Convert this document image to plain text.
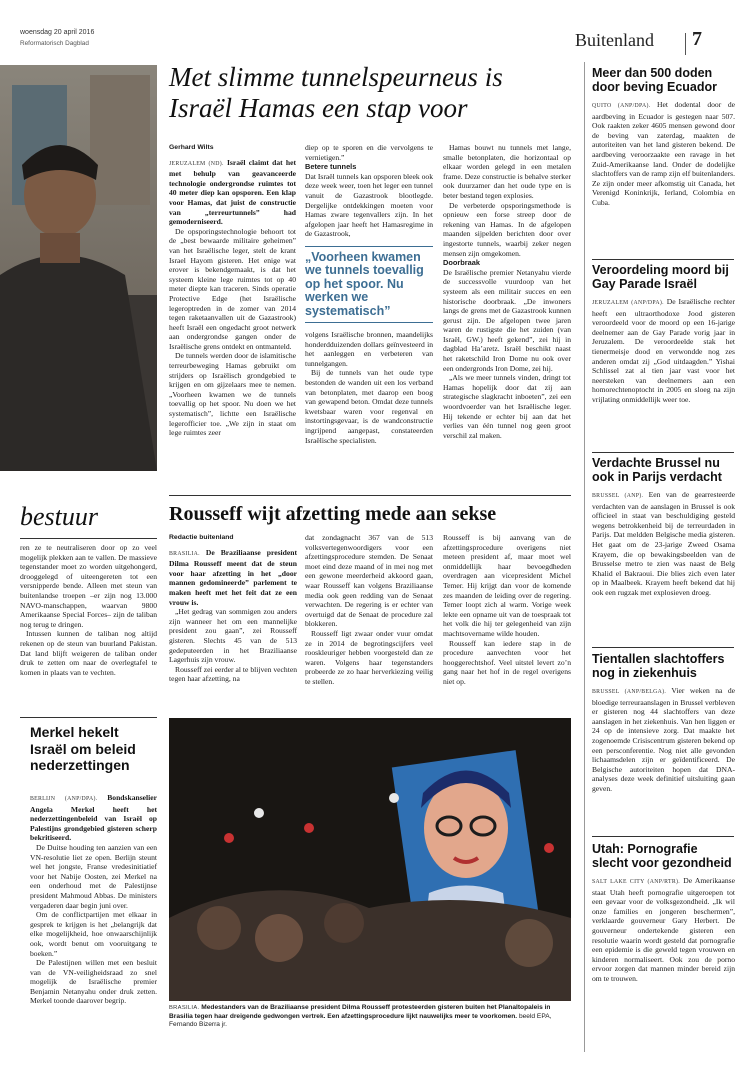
woensdag 20 april 2016
Reformatorisch Dagblad	Buitenland 7
Met slimme tunnelspeurneus is Israël Hamas een stap voor
Gerhard Wilts

JERUZALEM (ND). Israël claimt dat het met behulp van geavanceerde technologie ondergrondse ruimtes tot 40 meter diep kan opsporen. Een klap voor Hamas, dat juist de constructie van „terreurtunnels” had gemoderniseerd.

De opsporingstechnologie behoort tot de „best bewaarde militaire geheimen” van het Israëlische leger, stelt de krant Israel Hayom gisteren. Het enige wat erover is bekendgemaakt, is dat het systeem kleine lege ruimtes tot op 40 meter diepte kan traceren. Sinds operatie Protective Edge (het Israëlische legeroptreden in de zomer van 2014 tegen raketaanvallen uit de Gazastrook) heeft Israël een ongedacht groot netwerk aan ondergrondse gangen onder de Israëlische grens ontdekt en ontmanteld.

De tunnels werden door de islamitische terreurbeweging Hamas gebruikt om strijders op Israëlisch grondgebied te krijgen en om gijzelaars mee te nemen. „Voorheen kwamen we de tunnels toevallig op het spoor. Nu doen we het systematisch”, lichtte een Israëlische legerofficier toe. „We zijn in staat om lege ruimtes zeer

diep op te sporen en die vervolgens te vernietigen.”

Betere tunnels

Dat Israël tunnels kan opsporen bleek ook deze week weer, toen het leger een tunnel vanuit de Gazastrook blootlegde. Dergelijke ontdekkingen moeten voor Hamas zware tegenvallers zijn. In het afgelopen jaar heeft het Hamasregime in de Gazastrook,

„Voorheen kwamen we tunnels toevallig op het spoor. Nu werken we systematisch”

volgens Israëlische bronnen, maandelijks honderdduizenden dollars geïnvesteerd in het aanleggen en verbeteren van tunnelgangen.

Bij de tunnels van het oude type bestonden de wanden uit een los verband van betonplaten, met daarop een boog van gewapend beton. Omdat deze tunnels kwetsbaar waren voor regenval en instortingsgevaar, is de wandconstructie ingrijpend aangepast, constateerden Israëlische specialisten.

Hamas bouwt nu tunnels met lange, smalle betonplaten, die horizontaal op elkaar worden gelegd in een metalen frame. Deze constructie is behalve sterker ook duurzamer dan het oude type en is beter bestand tegen explosies.

De verbeterde opsporingsmethode is opnieuw een forse streep door de rekening van Hamas. In de afgelopen maanden sijpelden berichten door over ingestorte tunnels, waarbij zeker negen mensen zijn omgekomen.

Doorbraak

De Israëlische premier Netanyahu vierde de successvolle vuurdoop van het systeem als een militair succes en een historische doorbraak. „De inwoners langs de grens met de Gazastrook kunnen gerust zijn. De afgelopen twee jaren waren de rustigste die het zuiden (van Israël, GW.) heeft gekend”, zei hij in dagblad Ha’aretz. Israël beschikt naast het raketschild Iron Dome nu ook over een ondergronds Iron Dome, zei hij.

„Als we meer tunnels vinden, dringt tot Hamas hopelijk door dat zij aan strategische slagkracht inboeten”, zei een woordvoerder van het Israëlische leger. Hij tekende er echter bij aan dat het verlies van één tunnel nog geen groot verschil zal maken.

bestuur

ren ze te neutraliseren door op zo veel mogelijk plekken aan te vallen. De massieve tegenstander moet zo worden uitgehongerd, drooggelegd of uiteengereten tot een versnipperde bende. Alleen met steun van buitenlandse troepen –er zijn nog 13.000 NAVO-manschappen, waarvan 9800 Amerikaanse Special Forces– zijn de taliban nog terug te dringen.

Intussen kunnen de taliban nog altijd rekenen op de steun van buurland Pakistan. Dat land blijft weigeren de taliban onder druk te zetten om naar de overlegtafel te komen in plaats van te vechten.

Merkel hekelt Israël om beleid nederzettingen

BERLIJN (ANP/DPA). Bondskanselier Angela Merkel heeft het nederzettingenbeleid van Israël op Palestijns grondgebied gisteren scherp bekritiseerd.

De Duitse houding ten aanzien van een VN-resolutie liet ze open. Berlijn steunt wel het jongste, Franse vredesinitiatief voor het Nabije Oosten, zei Merkel na een onderhoud met de Palestijnse president Mahmoud Abbas. De ministers vergaderen daar begin juni over.

Om de conflictpartijen met elkaar in gesprek te krijgen is het „belangrijk dat elke mogelijkheid, hoe onwaarschijnlijk ook, wordt benut om vooruitgang te boeken.”

De Palestijnen willen met een besluit van de VN-veiligheidsraad zo snel mogelijk de Israëlische premier Benjamin Netanyahu onder druk zetten. Merkel toonde daarover begrip.

Rousseff wijt afzetting mede aan sekse
Redactie buitenland

BRASILIA. De Braziliaanse president Dilma Rousseff meent dat de steun voor haar afzetting in het „door mannen gedomineerde” parlement te maken heeft met het feit dat ze een vrouw is.

„Het gedrag van sommigen zou anders zijn wanneer het om een mannelijke president zou gaan”, zei Rousseff gisteren. Slechts 45 van de 513 gedeputeerden in het Braziliaanse Lagerhuis zijn vrouw.

Rousseff zei eerder al te blijven vechten tegen haar afzetting, na

dat zondagnacht 367 van de 513 volksvertegenwoordigers voor een afzettingsprocedure stemden. De Senaat moet eind deze maand of in mei nog met een gewone meerderheid akkoord gaan, waar Rousseff kan volgens Braziliaanse media ook geen redding van de Senaat verwachten. De regering is er echter van overtuigd dat de Senaat de procedure zal blokkeren.

Rousseff ligt zwaar onder vuur omdat ze in 2014 de begrotingscijfers veel rooskleuriger hebben voorgesteld dan ze waren. Volgens haar tegenstanders probeerde ze zo haar herverkiezing veilig te stellen.

Rousseff is bij aanvang van de afzettingsprocedure overigens niet meteen president af, maar moet wel onmiddellijk haar bevoegdheden overdragen aan vicepresident Michel Temer. Hij krijgt dan voor de komende zes maanden de leiding over de regering. Temer loopt zich al warm. Vorige week lekte een opname uit van de toespraak tot het volk die hij ter gelegenheid van zijn machtsovername wilde houden.

Rousseff kan iedere stap in de procedure aanvechten voor het hooggerechtshof. Veel uitstel levert zo’n gang naar het hof in de regel overigens niet op.

BRASILIA. Medestanders van de Braziliaanse president Dilma Rousseff protesteerden gisteren buiten het Planaltopaleis in Brasilia tegen haar dreigende gedwongen vertrek. Een afzettingsprocedure lijkt nauwelijks meer te voorkomen. beeld EPA, Fernando Bizerra jr.
Meer dan 500 doden door beving Ecuador
QUITO (ANP/DPA). Het dodental door de aardbeving in Ecuador is gestegen naar 507. Ook raakten zeker 4605 mensen gewond door de beving van zaterdag, maakten de autoriteiten van het land gisteren bekend. De aardbeving veroorzaakte een ravage in het Zuid-Amerikaanse land. Onder de dodelijke slachtoffers van de ramp zijn elf buitenlanders. Ze zijn onder meer afkomstig uit Canada, het Verenigd Koninkrijk, Ierland, Colombia en Cuba.
Veroordeling moord bij Gay Parade Israël
JERUZALEM (ANP/DPA). De Israëlische rechter heeft een ultraorthodoxe Jood gisteren veroordeeld voor de moord op een 16-jarige deelnemer aan de Gay Parade vorig jaar in Jeruzalem. De veroordeelde stak het tienermeisje dood en verwondde nog zes anderen omdat zij „God uitdaagden.” Yishai Schlissel zat al tien jaar vast voor het neersteken van deelnemers aan een homorechtenoptocht in 2005 en sloeg na zijn vrijlating onmiddellijk weer toe.
Verdachte Brussel nu ook in Parijs verdacht
BRUSSEL (ANP). Een van de gearresteerde verdachten van de aanslagen in Brussel is ook officieel in staat van beschuldiging gesteld wegens betrokkenheid bij de terreurdaden in Parijs. Dat meldden Belgische media gisteren. Het gaat om de 23-jarige Zweed Osama Krayem, die op bewakingsbeelden van de Brusselse metro te zien was naast de Belg Khalid el Bakraoui. Die blies zich even later op in Maalbeek. Krayem heeft bekend dat hij ook een rugzak met explosieven droeg.
Tientallen slachtoffers nog in ziekenhuis
BRUSSEL (ANP/BELGA). Vier weken na de bloedige terreuraanslagen in Brussel verbleven er gisteren nog 44 slachtoffers van deze aanslagen in het ziekenhuis. Van hen liggen er 24 op de intensieve zorg. Dat maakte het zogenoemde Crisiscentrum gisteren bekend op een persconferentie. Nog niet alle gevonden lichaamsdelen zijn er geïdentificeerd. De Belgische autoriteiten hopen dat DNA-analyses deze week definitief uitsluiting gaan geven.
Utah: Pornografie slecht voor gezondheid
SALT LAKE CITY (ANP/RTR). De Amerikaanse staat Utah heeft pornografie uitgeroepen tot een gevaar voor de volksgezondheid. „Ik wil onze families en jongeren beschermen”, verklaarde gouverneur Gary Herbert. De gouverneur ondertekende gisteren een resolutie waarin wordt gesteld dat pornografie een epidemie is die geweld tegen vrouwen en kinderen normaliseert. Ook zou de porno ervoor zorgen dat mannen minder bereid zijn om te trouwen.
